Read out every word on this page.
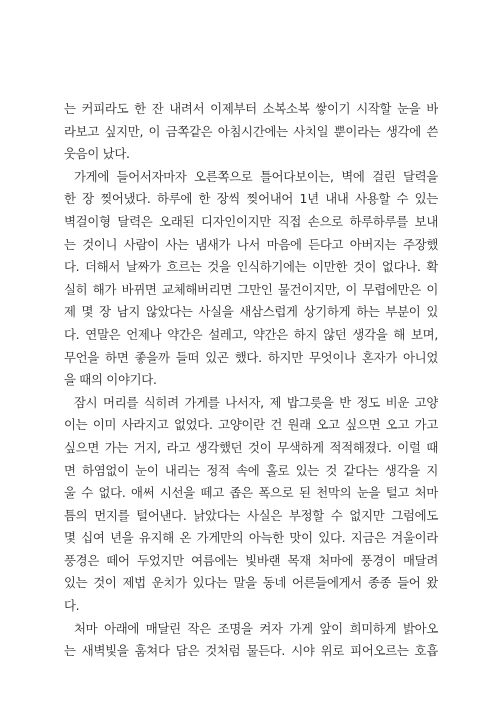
는 커피라도 한 잔 내려서 이제부터 소복소복 쌓이기 시작할 눈을 바
라보고 싶지만, 이 금쪽같은 아침시간에는 사치일 뿐이라는 생각에 쓴
웃음이 났다.
가게에 들어서자마자 오른쪽으로 틀어다보이는, 벽에 걸린 달력을
한 장 찢어냈다. 하루에 한 장씩 찢어내어 1년 내내 사용할 수 있는
벽걸이형 달력은 오래된 디자인이지만 직접 손으로 하루하루를 보내
는 것이니 사람이 사는 냄새가 나서 마음에 든다고 아버지는 주장했
다. 더해서 날짜가 흐르는 것을 인식하기에는 이만한 것이 없다나. 확
실히 해가 바뀌면 교체해버리면 그만인 물건이지만, 이 무렵에만은 이
제 몇 장 남지 않았다는 사실을 새삼스럽게 상기하게 하는 부분이 있
다. 연말은 언제나 약간은 설레고, 약간은 하지 않던 생각을 해 보며,
무언을 하면 좋을까 들떠 있곤 했다. 하지만 무엇이나 혼자가 아니었
을 때의 이야기다.
잠시 머리를 식히려 가게를 나서자, 제 밥그릇을 반 정도 비운 고양
이는 이미 사라지고 없었다. 고양이란 건 원래 오고 싶으면 오고 가고
싶으면 가는 거지, 라고 생각했던 것이 무색하게 적적해졌다. 이럴 때
면 하염없이 눈이 내리는 정적 속에 홀로 있는 것 같다는 생각을 지
울 수 없다. 애써 시선을 떼고 좁은 폭으로 된 천막의 눈을 털고 처마
틈의 먼지를 털어낸다. 낡았다는 사실은 부정할 수 없지만 그럼에도
몇 십여 년을 유지해 온 가게만의 아늑한 맛이 있다. 지금은 겨울이라
풍경은 떼어 두었지만 여름에는 빛바랜 목재 처마에 풍경이 매달려
있는 것이 제법 운치가 있다는 말을 동네 어른들에게서 종종 들어 왔
다.
처마 아래에 매달린 작은 조명을 켜자 가게 앞이 희미하게 밝아오
는 새벽빛을 훔쳐다 담은 것처럼 물든다. 시야 위로 피어오르는 호흡
